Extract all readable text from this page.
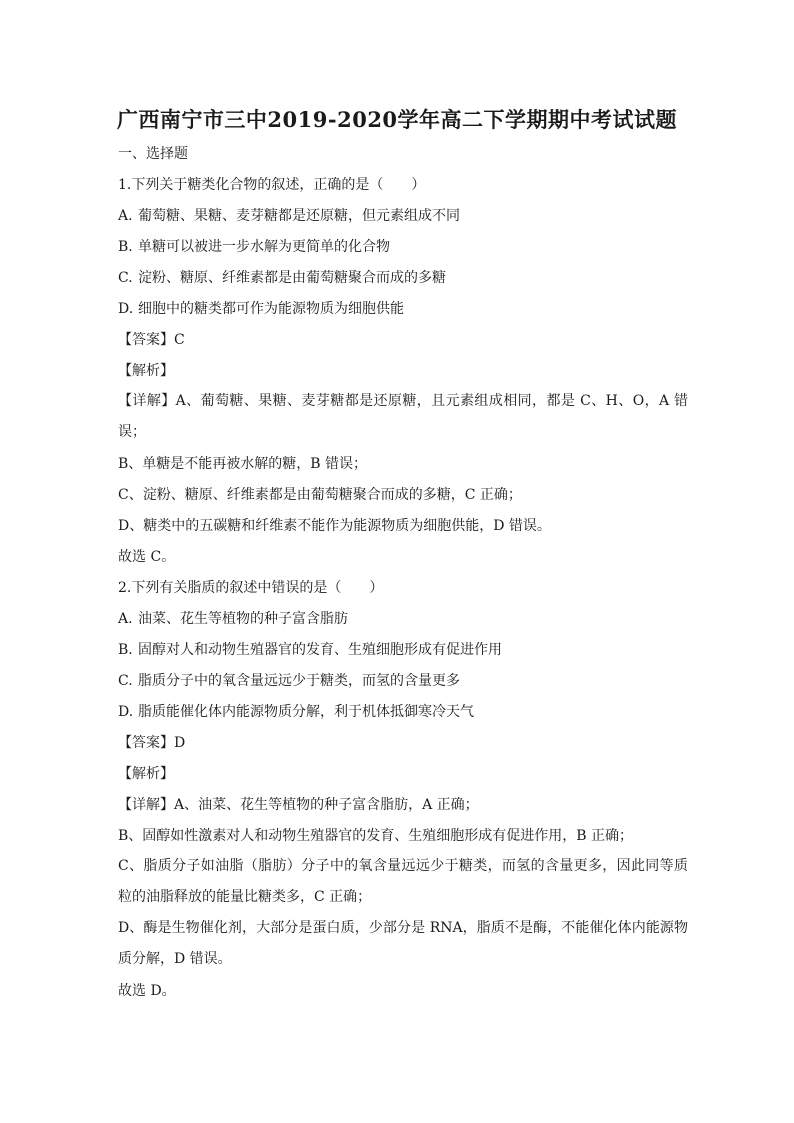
广西南宁市三中2019-2020学年高二下学期期中考试试题
一、选择题
1.下列关于糖类化合物的叙述，正确的是（　　）
A. 葡萄糖、果糖、麦芽糖都是还原糖，但元素组成不同
B. 单糖可以被进一步水解为更简单的化合物
C. 淀粉、糖原、纤维素都是由葡萄糖聚合而成的多糖
D. 细胞中的糖类都可作为能源物质为细胞供能
【答案】C
【解析】
【详解】A、葡萄糖、果糖、麦芽糖都是还原糖，且元素组成相同，都是 C、H、O，A 错误；
B、单糖是不能再被水解的糖，B 错误；
C、淀粉、糖原、纤维素都是由葡萄糖聚合而成的多糖，C 正确；
D、糖类中的五碳糖和纤维素不能作为能源物质为细胞供能，D 错误。
故选 C。
2.下列有关脂质的叙述中错误的是（　　）
A. 油菜、花生等植物的种子富含脂肪
B. 固醇对人和动物生殖器官的发育、生殖细胞形成有促进作用
C. 脂质分子中的氧含量远远少于糖类，而氢的含量更多
D. 脂质能催化体内能源物质分解，利于机体抵御寒冷天气
【答案】D
【解析】
【详解】A、油菜、花生等植物的种子富含脂肪，A 正确；
B、固醇如性激素对人和动物生殖器官的发育、生殖细胞形成有促进作用，B 正确；
C、脂质分子如油脂（脂肪）分子中的氧含量远远少于糖类，而氢的含量更多，因此同等质粒的油脂释放的能量比糖类多，C 正确；
D、酶是生物催化剂，大部分是蛋白质，少部分是 RNA，脂质不是酶，不能催化体内能源物质分解，D 错误。
故选 D。
